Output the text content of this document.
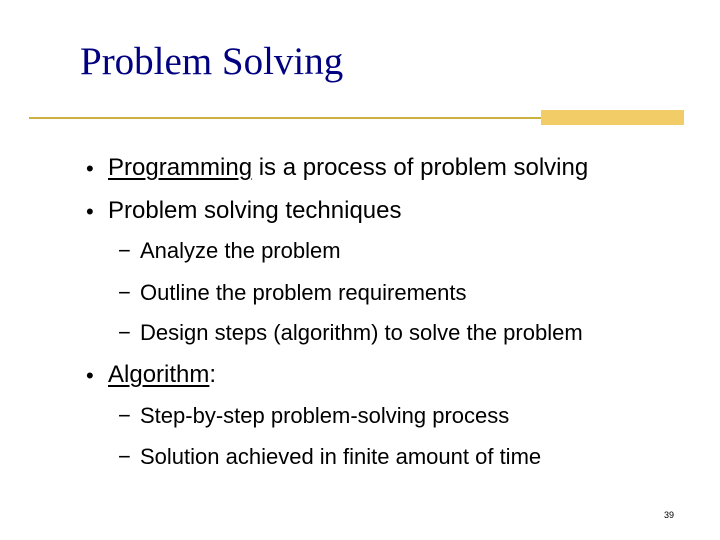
Problem Solving
• Programming is a process of problem solving
• Problem solving techniques
− Analyze the problem
− Outline the problem requirements
− Design steps (algorithm) to solve the problem
• Algorithm:
− Step-by-step problem-solving process
− Solution achieved in finite amount of time
39
